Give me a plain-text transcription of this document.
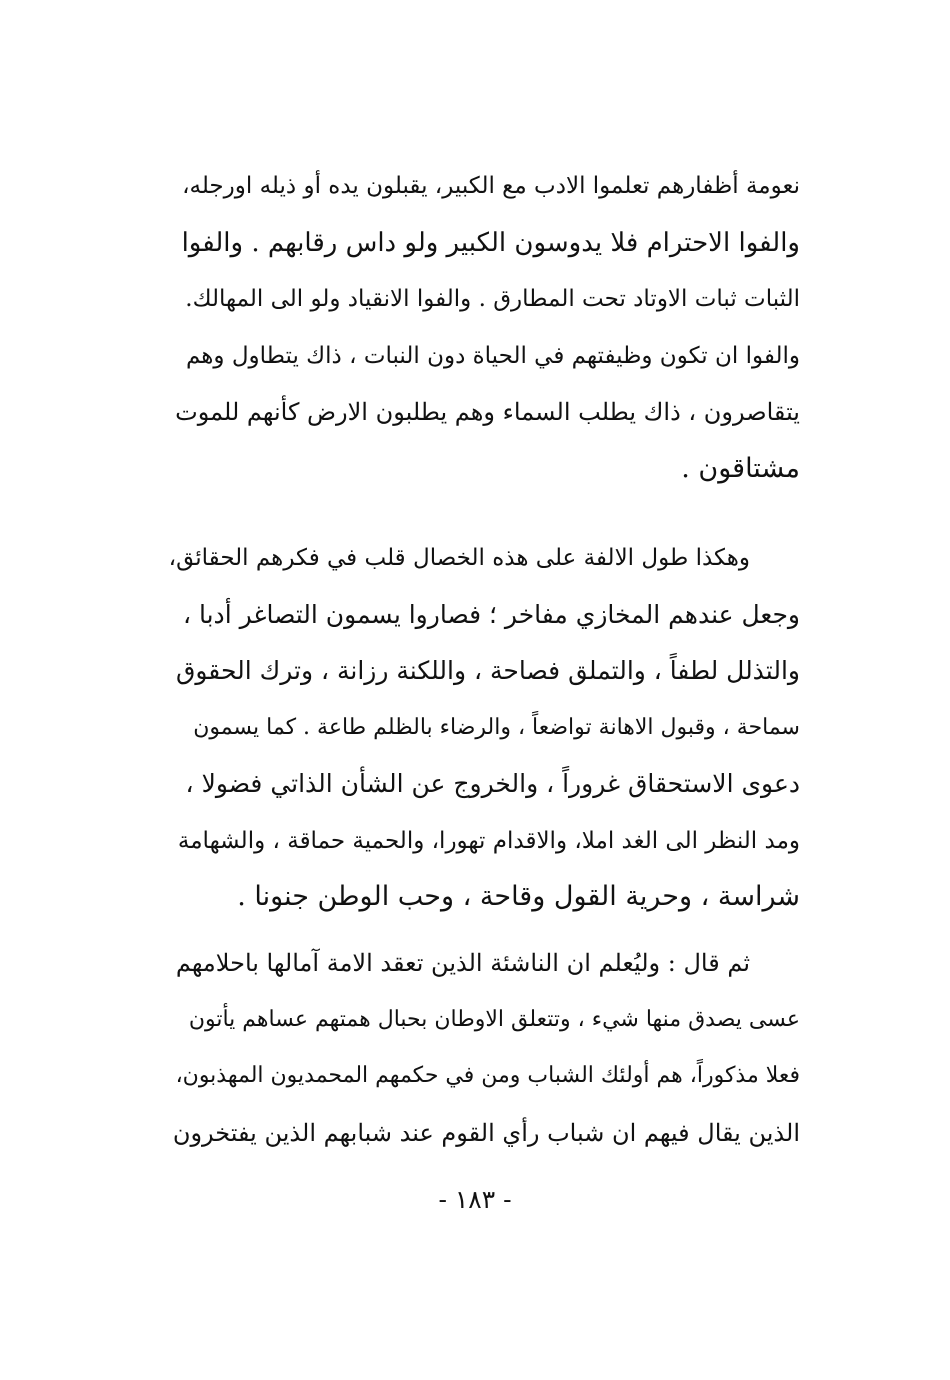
نعومة أظفارهم تعلموا الادب مع الكبير، يقبلون يده أو ذيله اورجله،
والفوا الاحترام فلا يدوسون الكبير ولو داس رقابهم . والفوا
الثبات ثبات الاوتاد تحت المطارق . والفوا الانقياد ولو الى المهالك.
والفوا ان تكون وظيفتهم في الحياة دون النبات ، ذاك يتطاول وهم
يتقاصرون ، ذاك يطلب السماء وهم يطلبون الارض كأنهم للموت
مشتاقون .
وهكذا طول الالفة على هذه الخصال قلب في فكرهم الحقائق،
وجعل عندهم المخازي مفاخر ؛ فصاروا يسمون التصاغر أدبا ،
والتذلل لطفاً ، والتملق فصاحة ، واللكنة رزانة ، وترك الحقوق
سماحة ، وقبول الاهانة تواضعاً ، والرضاء بالظلم طاعة . كما يسمون
دعوى الاستحقاق غروراً ، والخروج عن الشأن الذاتي فضولا ،
ومد النظر الى الغد املا، والاقدام تهورا، والحمية حماقة ، والشهامة
شراسة ، وحرية القول وقاحة ، وحب الوطن جنونا .
ثم قال : وليُعلم ان الناشئة الذين تعقد الامة آمالها باحلامهم
عسى يصدق منها شيء ، وتتعلق الاوطان بحبال همتهم عساهم يأتون
فعلا مذكوراً، هم أولئك الشباب ومن في حكمهم المحمديون المهذبون،
الذين يقال فيهم ان شباب رأي القوم عند شبابهم الذين يفتخرون
- ١٨٣ -
